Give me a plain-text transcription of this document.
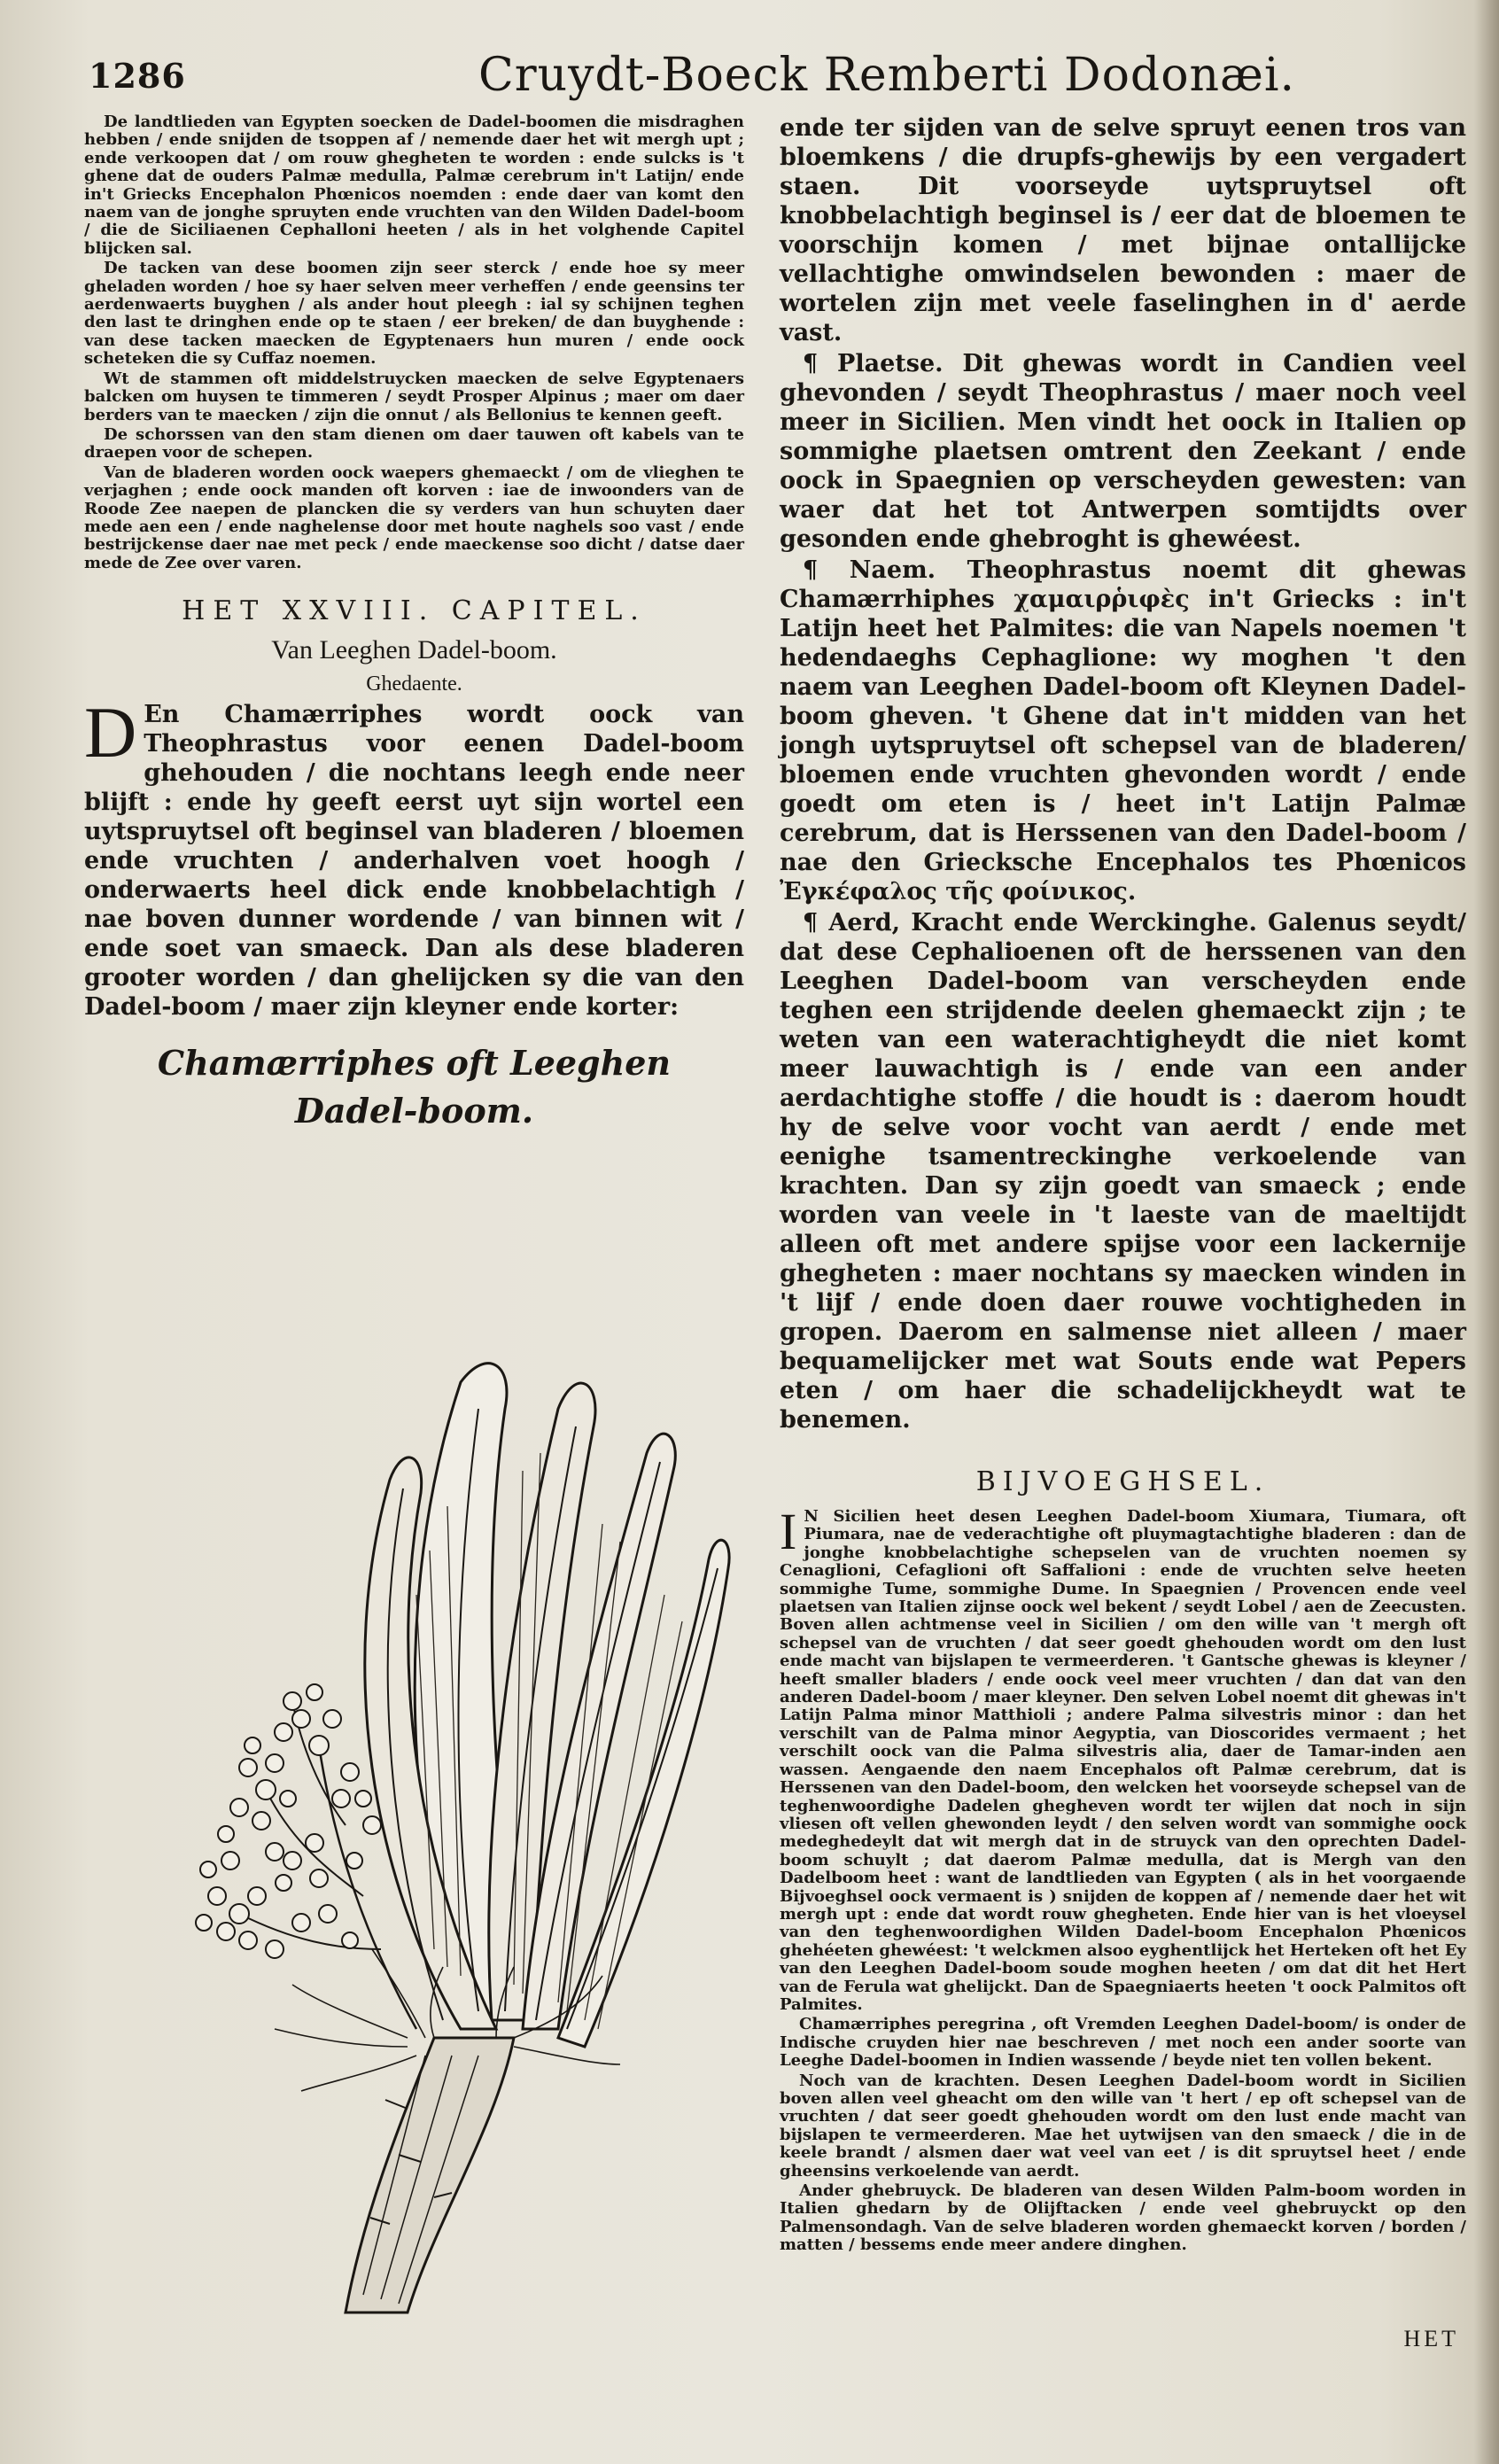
1286	Cruydt-Boeck Remberti Dodonæi.

De landtlieden van Egypten soecken de Dadel-boomen die misdraghen hebben / ende snijden de tsoppen af / nemende daer het wit mergh upt ; ende verkoopen dat / om rouw ghegheten te worden : ende sulcks is 't ghene dat de ouders Palmæ medulla, Palmæ cerebrum in't Latijn/ ende in't Griecks Encephalon Phœnicos noemden : ende daer van komt den naem van de jonghe spruyten ende vruchten van den Wilden Dadel-boom / die de Siciliaenen Cephalloni heeten / als in het volghende Capitel blijcken sal.

De tacken van dese boomen zijn seer sterck / ende hoe sy meer gheladen worden / hoe sy haer selven meer verheffen / ende geensins ter aerdenwaerts buyghen / als ander hout pleegh : ial sy schijnen teghen den last te dringhen ende op te staen / eer breken/ de dan buyghende : van dese tacken maecken de Egyptenaers hun muren / ende oock scheteken die sy Cuffaz noemen.

Wt de stammen oft middelstruycken maecken de selve Egyptenaers balcken om huysen te timmeren / seydt Prosper Alpinus ; maer om daer berders van te maecken / zijn die onnut / als Bellonius te kennen geeft.

De schorssen van den stam dienen om daer tauwen oft kabels van te draepen voor de schepen.

Van de bladeren worden oock waepers ghemaeckt / om de vlieghen te verjaghen ; ende oock manden oft korven : iae de inwoonders van de Roode Zee naepen de plancken die sy verders van hun schuyten daer mede aen een / ende naghelense door met houte naghels soo vast / ende bestrijckense daer nae met peck / ende maeckense soo dicht / datse daer mede de Zee over varen.

HET XXVIII. CAPITEL.
Van Leeghen Dadel-boom.
Ghedaente.
D En Chamærriphes wordt oock van Theophrastus voor eenen Dadel-boom ghehouden / die nochtans leegh ende neer blijft : ende hy geeft eerst uyt sijn wortel een uytspruytsel oft beginsel van bladeren / bloemen ende vruchten / anderhalven voet hoogh / onderwaerts heel dick ende knobbelachtigh / nae boven dunner wordende / van binnen wit / ende soet van smaeck. Dan als dese bladeren grooter worden / dan ghelijcken sy die van den Dadel-boom / maer zijn kleyner ende korter:

Chamærriphes oft Leeghen
Dadel-boom.

ende ter sijden van de selve spruyt eenen tros van bloemkens / die drupfs-ghewijs by een vergadert staen. Dit voorseyde uytspruytsel oft knobbelachtigh beginsel is / eer dat de bloemen te voorschijn komen / met bijnae ontallijcke vellachtighe omwindselen bewonden : maer de wortelen zijn met veele faselinghen in d' aerde vast.

¶ Plaetse. Dit ghewas wordt in Candien veel ghevonden / seydt Theophrastus / maer noch veel meer in Sicilien. Men vindt het oock in Italien op sommighe plaetsen omtrent den Zeekant / ende oock in Spaegnien op verscheyden gewesten: van waer dat het tot Antwerpen somtijdts over gesonden ende ghebroght is ghewéest.

¶ Naem. Theophrastus noemt dit ghewas Chamærrhiphes χαμαιρῥιφὲς in't Griecks : in't Latijn heet het Palmites: die van Napels noemen 't hedendaeghs Cephaglione: wy moghen 't den naem van Leeghen Dadel-boom oft Kleynen Dadel-boom gheven. 't Ghene dat in't midden van het jongh uytspruytsel oft schepsel van de bladeren/ bloemen ende vruchten ghevonden wordt / ende goedt om eten is / heet in't Latijn Palmæ cerebrum, dat is Herssenen van den Dadel-boom / nae den Griecksche Encephalos tes Phœnicos Ἐγκέφαλος τῆς φοίνικος.

¶ Aerd, Kracht ende Werckinghe. Galenus seydt/ dat dese Cephalioenen oft de herssenen van den Leeghen Dadel-boom van verscheyden ende teghen een strijdende deelen ghemaeckt zijn ; te weten van een waterachtigheydt die niet komt meer lauwachtigh is / ende van een ander aerdachtighe stoffe / die houdt is : daerom houdt hy de selve voor vocht van aerdt / ende met eenighe tsamentreckinghe verkoelende van krachten. Dan sy zijn goedt van smaeck ; ende worden van veele in 't laeste van de maeltijdt alleen oft met andere spijse voor een lackernije ghegheten : maer nochtans sy maecken winden in 't lijf / ende doen daer rouwe vochtigheden in gropen. Daerom en salmense niet alleen / maer bequamelijcker met wat Souts ende wat Pepers eten / om haer die schadelijckheydt wat te benemen.

BIJVOEGHSEL.
I N Sicilien heet desen Leeghen Dadel-boom Xiumara, Tiumara, oft Piumara, nae de vederachtighe oft pluymagtachtighe bladeren : dan de jonghe knobbelachtighe schepselen van de vruchten noemen sy Cenaglioni, Cefaglioni oft Saffalioni : ende de vruchten selve heeten sommighe Tume, sommighe Dume. In Spaegnien / Provencen ende veel plaetsen van Italien zijnse oock wel bekent / seydt Lobel / aen de Zeecusten. Boven allen achtmense veel in Sicilien / om den wille van 't mergh oft schepsel van de vruchten / dat seer goedt ghehouden wordt om den lust ende macht van bijslapen te vermeerderen. 't Gantsche ghewas is kleyner / heeft smaller bladers / ende oock veel meer vruchten / dan dat van den anderen Dadel-boom / maer kleyner. Den selven Lobel noemt dit ghewas in't Latijn Palma minor Matthioli ; andere Palma silvestris minor : dan het verschilt van de Palma minor Aegyptia, van Dioscorides vermaent ; het verschilt oock van die Palma silvestris alia, daer de Tamar-inden aen wassen. Aengaende den naem Encephalos oft Palmæ cerebrum, dat is Herssenen van den Dadel-boom, den welcken het voorseyde schepsel van de teghenwoordighe Dadelen ghegheven wordt ter wijlen dat noch in sijn vliesen oft vellen ghewonden leydt / den selven wordt van sommighe oock medeghedeylt dat wit mergh dat in de struyck van den oprechten Dadel-boom schuylt ; dat daerom Palmæ medulla, dat is Mergh van den Dadelboom heet : want de landtlieden van Egypten ( als in het voorgaende Bijvoeghsel oock vermaent is ) snijden de koppen af / nemende daer het wit mergh upt : ende dat wordt rouw ghegheten. Ende hier van is het vloeysel van den teghenwoordighen Wilden Dadel-boom Encephalon Phœnicos ghehéeten ghewéest: 't welckmen alsoo eyghentlijck het Herteken oft het Ey van den Leeghen Dadel-boom soude moghen heeten / om dat dit het Hert van de Ferula wat ghelijckt. Dan de Spaegniaerts heeten 't oock Palmitos oft Palmites.

Chamærriphes peregrina , oft Vremden Leeghen Dadel-boom/ is onder de Indische cruyden hier nae beschreven / met noch een ander soorte van Leeghe Dadel-boomen in Indien wassende / beyde niet ten vollen bekent.

Noch van de krachten. Desen Leeghen Dadel-boom wordt in Sicilien boven allen veel gheacht om den wille van 't hert / ep oft schepsel van de vruchten / dat seer goedt ghehouden wordt om den lust ende macht van bijslapen te vermeerderen. Mae het uytwijsen van den smaeck / die in de keele brandt / alsmen daer wat veel van eet / is dit spruytsel heet / ende gheensins verkoelende van aerdt.

Ander ghebruyck. De bladeren van desen Wilden Palm-boom worden in Italien ghedarn by de Olijftacken / ende veel ghebruyckt op den Palmensondagh. Van de selve bladeren worden ghemaeckt korven / borden / matten / bessems ende meer andere dinghen.

HET
